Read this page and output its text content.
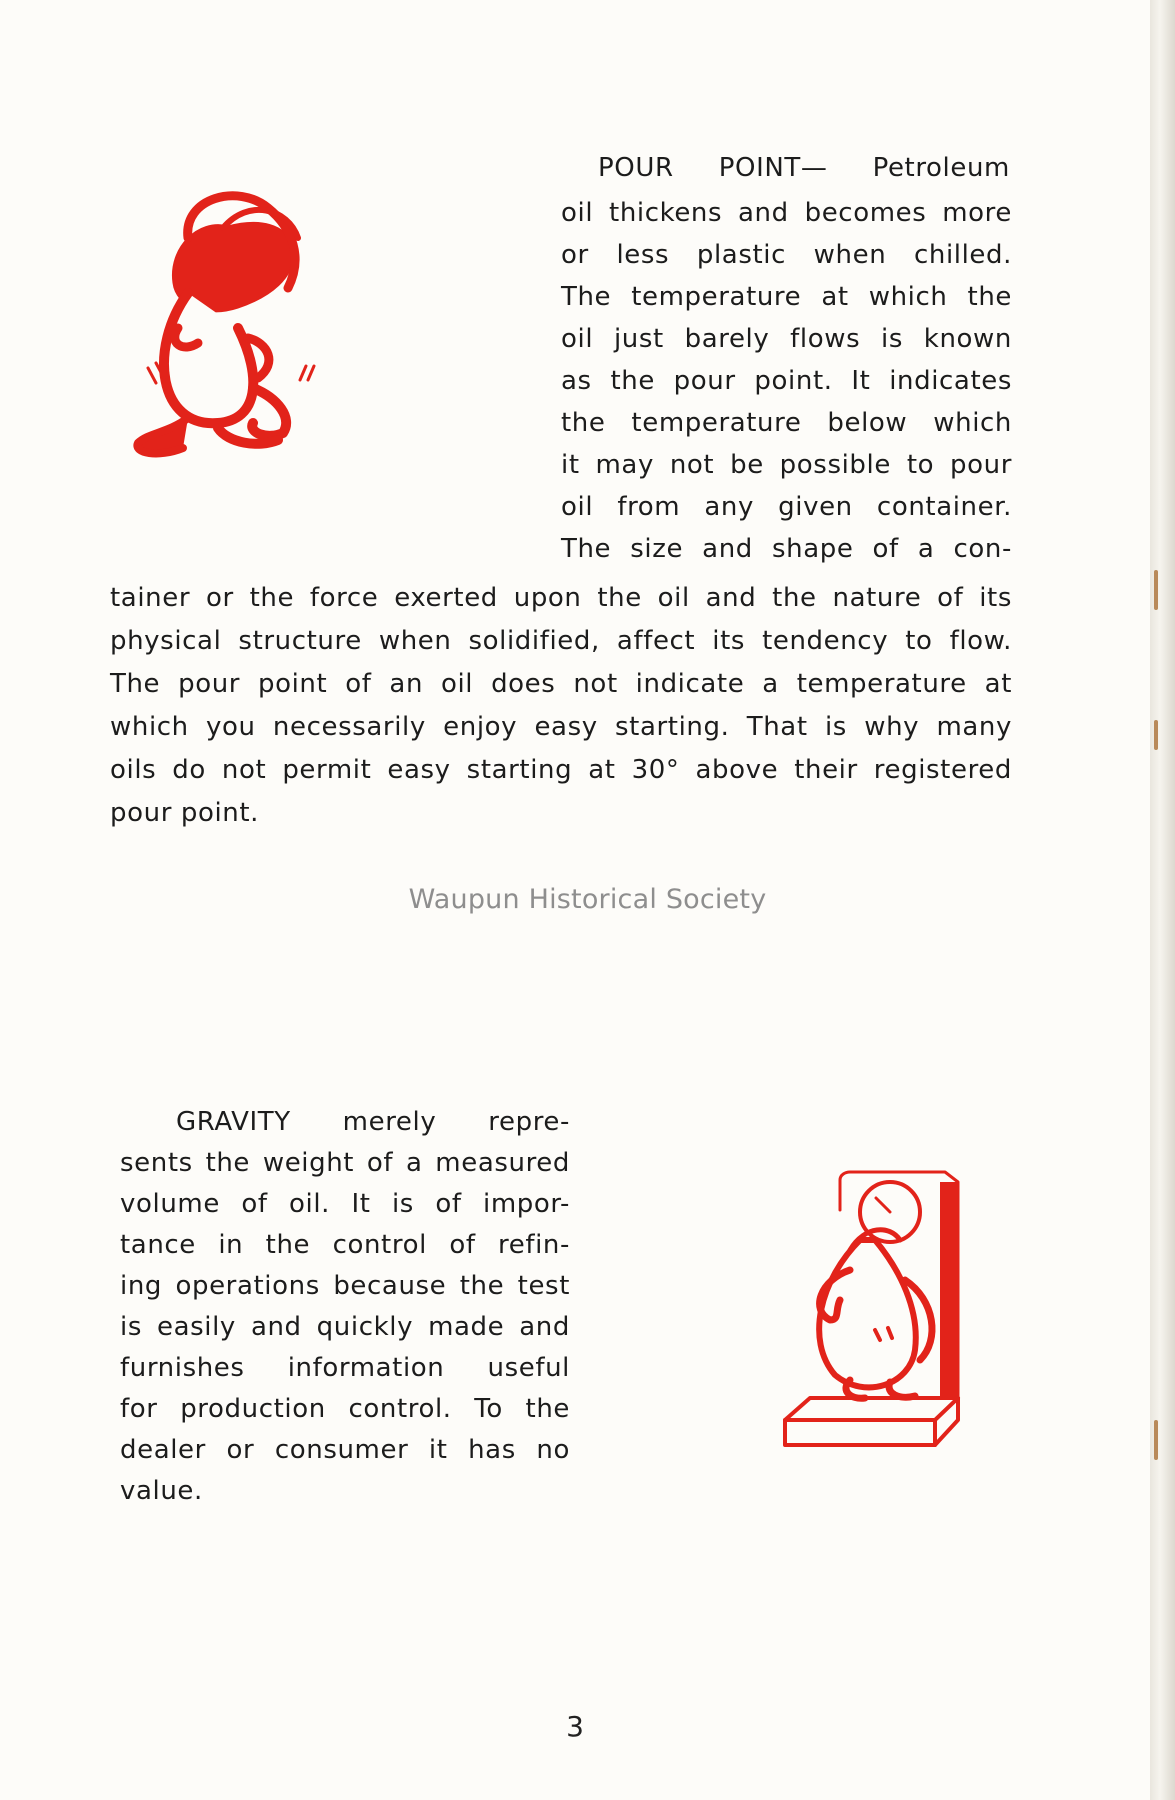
POUR POINT— Petroleum
oil thickens and becomes more
or less plastic when chilled.
The temperature at which the
oil just barely flows is known
as the pour point. It indicates
the temperature below which
it may not be possible to pour
oil from any given container.
The size and shape of a con-
tainer or the force exerted upon the oil and the nature of its
physical structure when solidified, affect its tendency to flow.
The pour point of an oil does not indicate a temperature at
which you necessarily enjoy easy starting. That is why many
oils do not permit easy starting at 30° above their registered
pour point.
Waupun Historical Society
GRAVITY merely repre-
sents the weight of a measured
volume of oil. It is of impor-
tance in the control of refin-
ing operations because the test
is easily and quickly made and
furnishes information useful
for production control. To the
dealer or consumer it has no
value.
3
